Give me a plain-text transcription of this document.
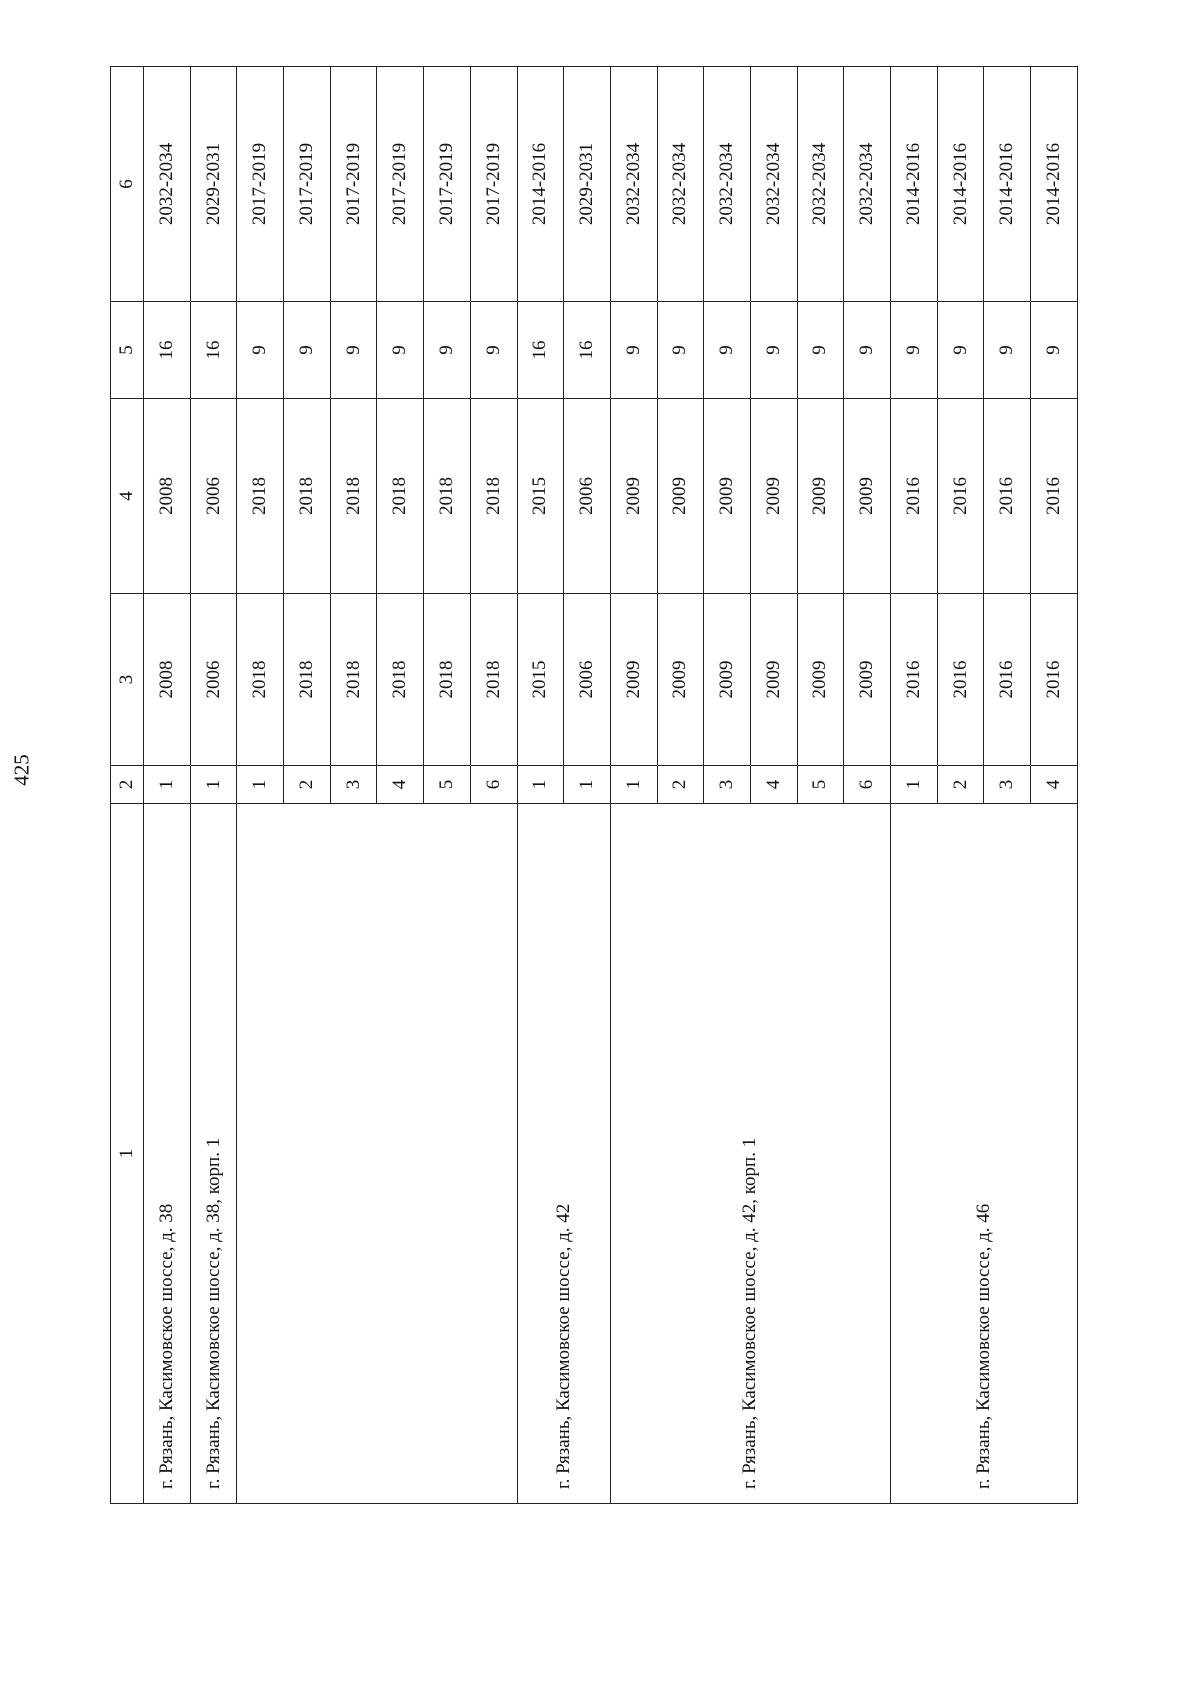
425
1	2	3	4	5	6
г. Рязань, Касимовское шоссе, д. 38	1	2008	2008	16	2032-2034
г. Рязань, Касимовское шоссе, д. 38, корп. 1	1	2006	2006	16	2029-2031
	1	2018	2018	9	2017-2019
	2	2018	2018	9	2017-2019
	3	2018	2018	9	2017-2019
	4	2018	2018	9	2017-2019
	5	2018	2018	9	2017-2019
	6	2018	2018	9	2017-2019
г. Рязань, Касимовское шоссе, д. 42	1	2015	2015	16	2014-2016
	1	2006	2006	16	2029-2031
г. Рязань, Касимовское шоссе, д. 42, корп. 1	1	2009	2009	9	2032-2034
	2	2009	2009	9	2032-2034
	3	2009	2009	9	2032-2034
	4	2009	2009	9	2032-2034
	5	2009	2009	9	2032-2034
	6	2009	2009	9	2032-2034
г. Рязань, Касимовское шоссе, д. 46	1	2016	2016	9	2014-2016
	2	2016	2016	9	2014-2016
	3	2016	2016	9	2014-2016
	4	2016	2016	9	2014-2016
